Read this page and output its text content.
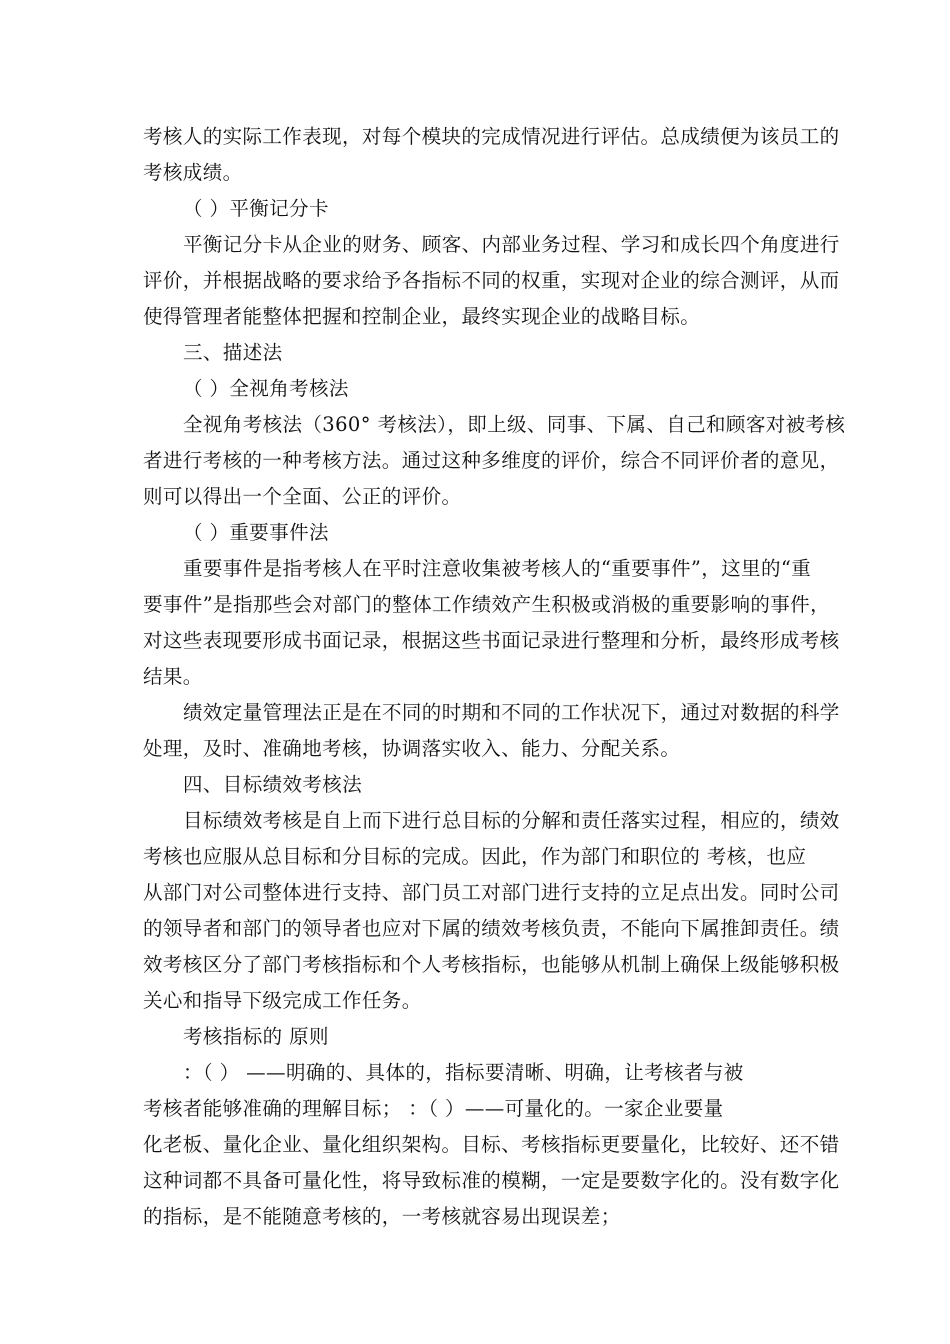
考核人的实际工作表现，对每个模块的完成情况进行评估。总成绩便为该员工的
考核成绩。
（ ）平衡记分卡
平衡记分卡从企业的财务、顾客、内部业务过程、学习和成长四个角度进行
评价，并根据战略的要求给予各指标不同的权重，实现对企业的综合测评，从而
使得管理者能整体把握和控制企业，最终实现企业的战略目标。
三、描述法
（ ）全视角考核法
全视角考核法（360° 考核法），即上级、同事、下属、自己和顾客对被考核
者进行考核的一种考核方法。通过这种多维度的评价，综合不同评价者的意见，
则可以得出一个全面、公正的评价。
（ ）重要事件法
重要事件是指考核人在平时注意收集被考核人的“重要事件”，这里的“重
要事件”是指那些会对部门的整体工作绩效产生积极或消极的重要影响的事件，
对这些表现要形成书面记录，根据这些书面记录进行整理和分析，最终形成考核
结果。
绩效定量管理法正是在不同的时期和不同的工作状况下，通过对数据的科学
处理，及时、准确地考核，协调落实收入、能力、分配关系。
四、目标绩效考核法
目标绩效考核是自上而下进行总目标的分解和责任落实过程，相应的，绩效
考核也应服从总目标和分目标的完成。因此，作为部门和职位的 考核，也应
从部门对公司整体进行支持、部门员工对部门进行支持的立足点出发。同时公司
的领导者和部门的领导者也应对下属的绩效考核负责，不能向下属推卸责任。绩
效考核区分了部门考核指标和个人考核指标，也能够从机制上确保上级能够积极
关心和指导下级完成工作任务。
考核指标的 原则
：（ ） ——明确的、具体的，指标要清晰、明确，让考核者与被
考核者能够准确的理解目标； ：（ ）——可量化的。一家企业要量
化老板、量化企业、量化组织架构。目标、考核指标更要量化，比较好、还不错
这种词都不具备可量化性，将导致标准的模糊，一定是要数字化的。没有数字化
的指标，是不能随意考核的，一考核就容易出现误差；
